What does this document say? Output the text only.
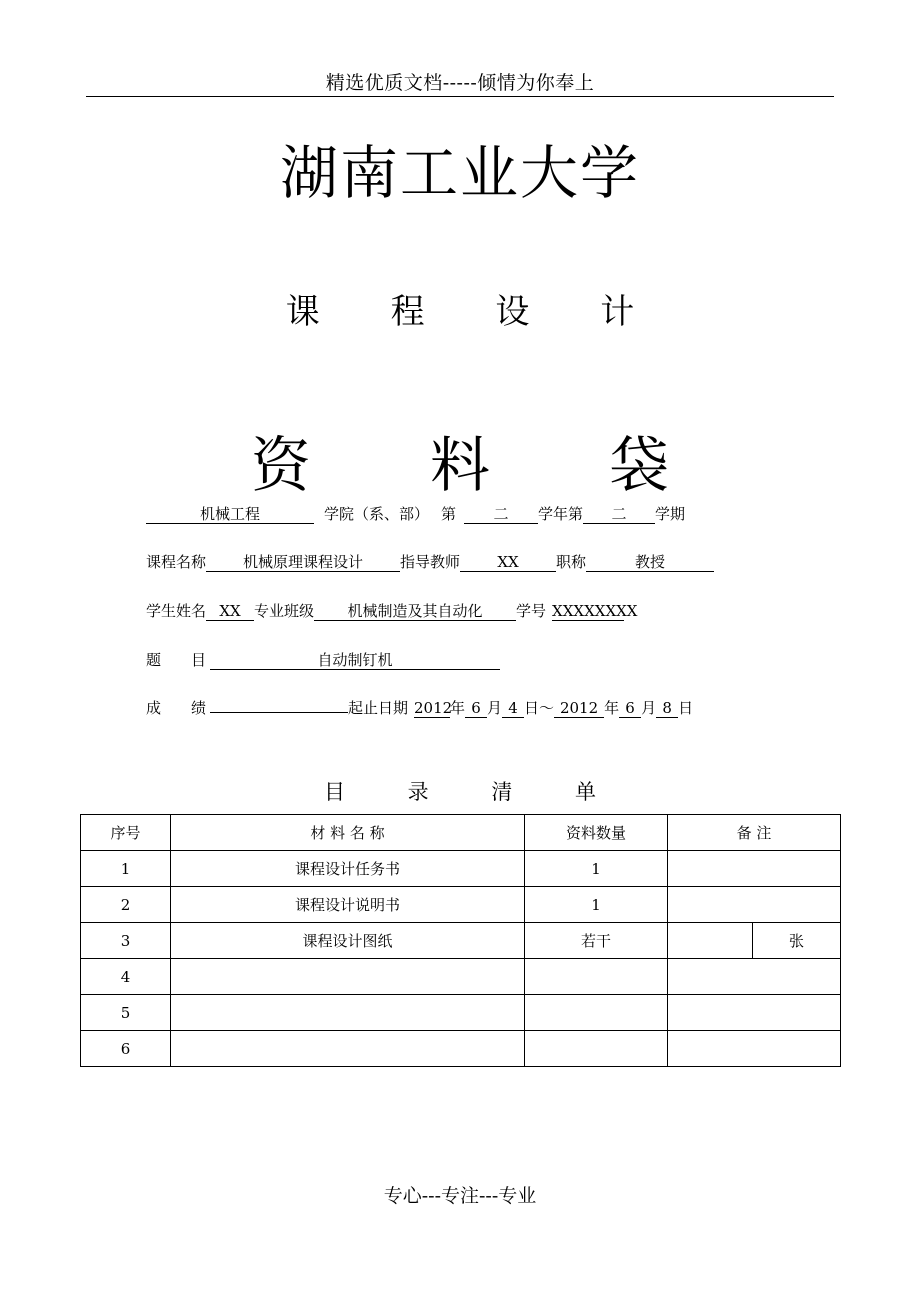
精选优质文档-----倾情为你奉上
湖南工业大学
课 程 设 计
资 料 袋
机械工程	学院（系、部） 第 二 学年第 二 学期
课程名称 机械原理课程设计 指导教师 XX 职称	教授
学生姓名 XX 专业班级 机械制造及其自动化 学号 XXXXXXXX
题　　目	自动制钉机
成　　绩	起止日期 2012年 6 月 4 日～ 2012 年 6 月 8 日
目 录 清 单
序号	材 料 名 称	资料数量	备 注	
1	课程设计任务书	1		
2	课程设计说明书	1		
3	课程设计图纸	若干		张
4				
5				
6				
专心---专注---专业
